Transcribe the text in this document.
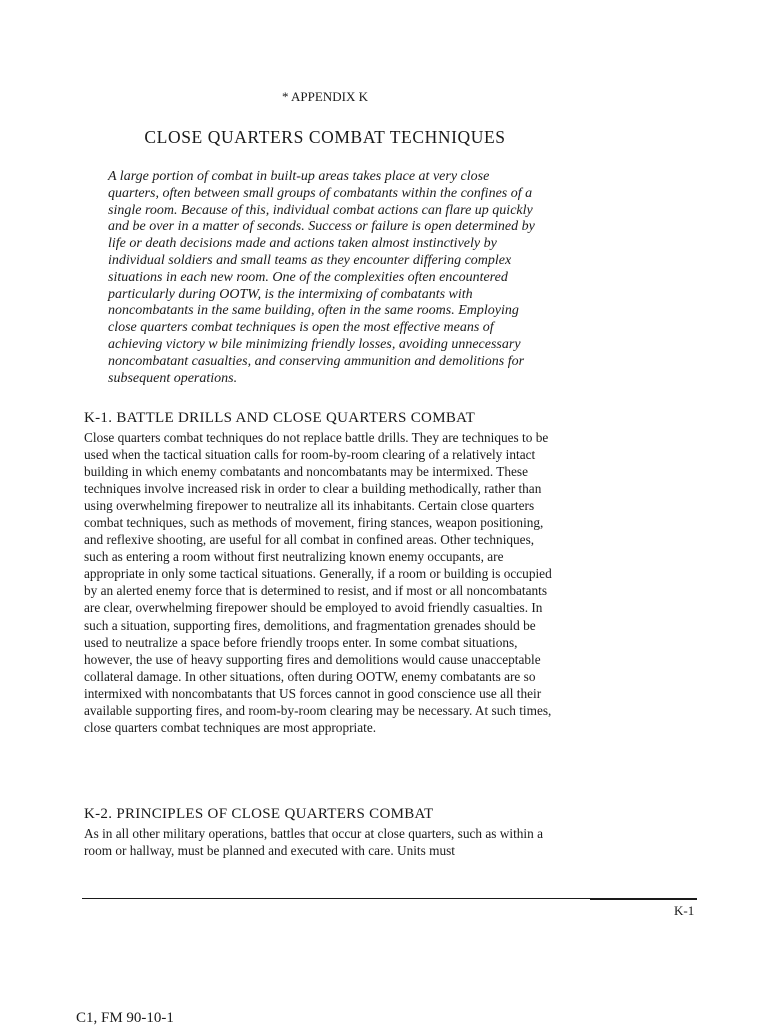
* APPENDIX K
CLOSE QUARTERS COMBAT TECHNIQUES

A large portion of combat in built-up areas takes place at very close quarters, often between small groups of combatants within the confines of a single room. Because of this, individual combat actions can flare up quickly and be over in a matter of seconds. Success or failure is open determined by life or death decisions made and actions taken almost instinctively by individual soldiers and small teams as they encounter differing complex situations in each new room. One of the complexities often encountered particularly during OOTW, is the intermixing of combatants with noncombatants in the same building, often in the same rooms. Employing close quarters combat techniques is open the most effective means of achieving victory w bile minimizing friendly losses, avoiding unnecessary noncombatant casualties, and conserving ammunition and demolitions for subsequent operations.

K-1. BATTLE DRILLS AND CLOSE QUARTERS COMBAT

Close quarters combat techniques do not replace battle drills. They are techniques to be used when the tactical situation calls for room-by-room clearing of a relatively intact building in which enemy combatants and noncombatants may be intermixed. These techniques involve increased risk in order to clear a building methodically, rather than using overwhelming firepower to neutralize all its inhabitants. Certain close quarters combat techniques, such as methods of movement, firing stances, weapon positioning, and reflexive shooting, are useful for all combat in confined areas. Other techniques, such as entering a room without first neutralizing known enemy occupants, are appropriate in only some tactical situations. Generally, if a room or building is occupied by an alerted enemy force that is determined to resist, and if most or all noncombatants are clear, overwhelming firepower should be employed to avoid friendly casualties. In such a situation, supporting fires, demolitions, and fragmentation grenades should be used to neutralize a space before friendly troops enter. In some combat situations, however, the use of heavy supporting fires and demolitions would cause unacceptable collateral damage. In other situations, often during OOTW, enemy combatants are so intermixed with noncombatants that US forces cannot in good conscience use all their available supporting fires, and room-by-room clearing may be necessary. At such times, close quarters combat techniques are most appropriate.

K-2. PRINCIPLES OF CLOSE QUARTERS COMBAT

As in all other military operations, battles that occur at close quarters, such as within a room or hallway, must be planned and executed with care. Units must

K-1
C1, FM 90-10-1
